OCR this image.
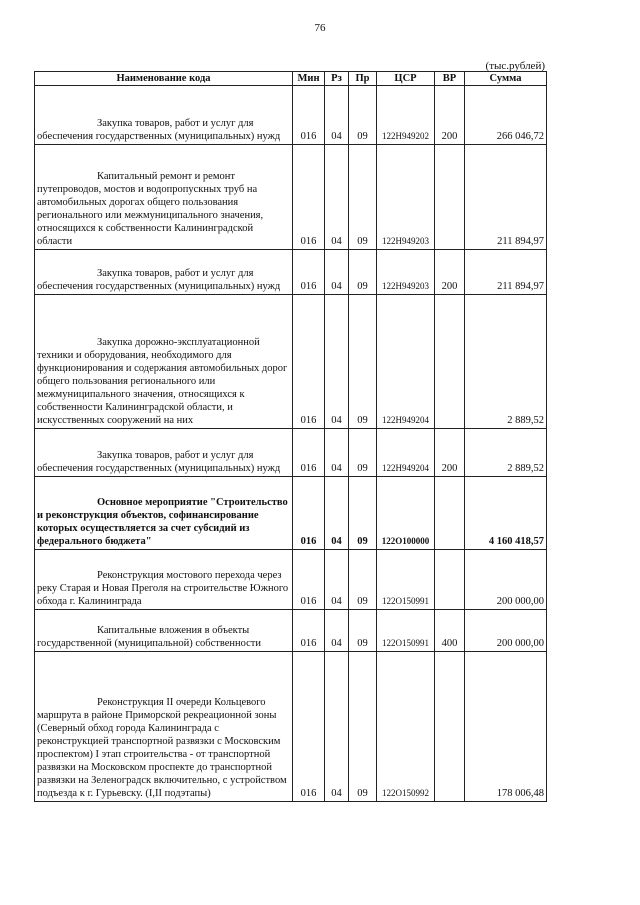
76
(тыс.рублей)
Наименование кода	Мин	Рз	Пр	ЦСР	ВР	Сумма
Закупка товаров, работ и услуг для обеспечения государственных (муниципальных) нужд	016	04	09	122H949202	200	266 046,72
Капитальный ремонт и ремонт путепроводов, мостов и водопропускных труб на автомобильных дорогах общего пользования регионального или межмуниципального значения, относящихся к собственности Калининградской области	016	04	09	122H949203		211 894,97
Закупка товаров, работ и услуг для обеспечения государственных (муниципальных) нужд	016	04	09	122H949203	200	211 894,97
Закупка дорожно-эксплуатационной техники и оборудования, необходимого для функционирования и содержания автомобильных дорог общего пользования регионального или межмуниципального значения, относящихся к собственности Калининградской области, и искусственных сооружений на них	016	04	09	122H949204		2 889,52
Закупка товаров, работ и услуг для обеспечения государственных (муниципальных) нужд	016	04	09	122H949204	200	2 889,52
Основное мероприятие "Строительство и реконструкция объектов, софинансирование которых осуществляется за счет субсидий из федерального бюджета"	016	04	09	122O100000		4 160 418,57
Реконструкция мостового перехода через реку Старая и Новая Преголя на строительстве Южного обхода г. Калининграда	016	04	09	122O150991		200 000,00
Капитальные вложения в объекты государственной (муниципальной) собственности	016	04	09	122O150991	400	200 000,00
Реконструкция II очереди Кольцевого маршрута в районе Приморской рекреационной зоны (Северный обход города Калининграда с реконструкцией транспортной развязки с Московским проспектом) I этап строительства - от транспортной развязки на Московском проспекте до транспортной развязки на Зеленоградск включительно, с устройством подъезда к г. Гурьевску. (I,II подэтапы)	016	04	09	122O150992		178 006,48
